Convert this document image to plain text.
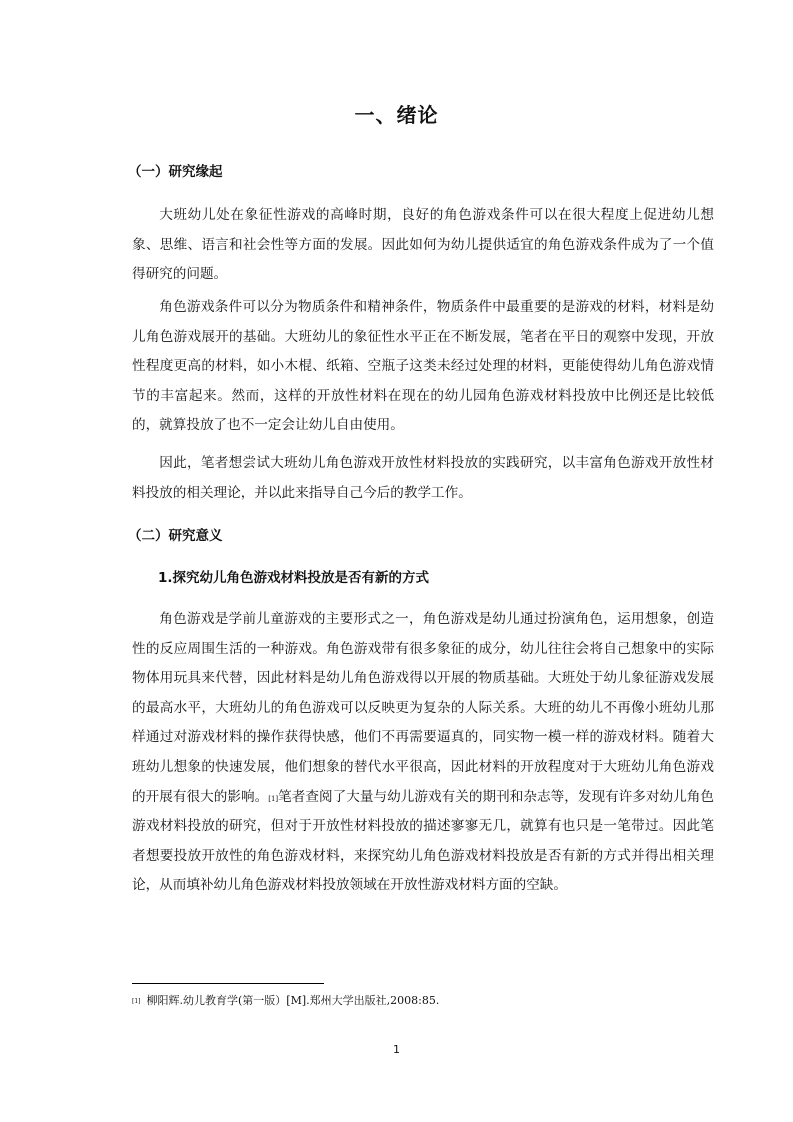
一、绪论
（一）研究缘起

大班幼儿处在象征性游戏的高峰时期，良好的角色游戏条件可以在很大程度上促进幼儿想象、思维、语言和社会性等方面的发展。因此如何为幼儿提供适宜的角色游戏条件成为了一个值得研究的问题。

角色游戏条件可以分为物质条件和精神条件，物质条件中最重要的是游戏的材料，材料是幼儿角色游戏展开的基础。大班幼儿的象征性水平正在不断发展，笔者在平日的观察中发现，开放性程度更高的材料，如小木棍、纸箱、空瓶子这类未经过处理的材料，更能使得幼儿角色游戏情节的丰富起来。然而，这样的开放性材料在现在的幼儿园角色游戏材料投放中比例还是比较低的，就算投放了也不一定会让幼儿自由使用。

因此，笔者想尝试大班幼儿角色游戏开放性材料投放的实践研究，以丰富角色游戏开放性材料投放的相关理论，并以此来指导自己今后的教学工作。

（二）研究意义
1.探究幼儿角色游戏材料投放是否有新的方式

角色游戏是学前儿童游戏的主要形式之一，角色游戏是幼儿通过扮演角色，运用想象，创造性的反应周围生活的一种游戏。角色游戏带有很多象征的成分，幼儿往往会将自己想象中的实际物体用玩具来代替，因此材料是幼儿角色游戏得以开展的物质基础。大班处于幼儿象征游戏发展的最高水平，大班幼儿的角色游戏可以反映更为复杂的人际关系。大班的幼儿不再像小班幼儿那样通过对游戏材料的操作获得快感，他们不再需要逼真的，同实物一模一样的游戏材料。随着大班幼儿想象的快速发展，他们想象的替代水平很高，因此材料的开放程度对于大班幼儿角色游戏的开展有很大的影响。[1]笔者查阅了大量与幼儿游戏有关的期刊和杂志等，发现有许多对幼儿角色游戏材料投放的研究，但对于开放性材料投放的描述寥寥无几，就算有也只是一笔带过。因此笔者想要投放开放性的角色游戏材料，来探究幼儿角色游戏材料投放是否有新的方式并得出相关理论，从而填补幼儿角色游戏材料投放领域在开放性游戏材料方面的空缺。

[1] 柳阳辉.幼儿教育学(第一版）[M].郑州大学出版社,2008:85.
1
